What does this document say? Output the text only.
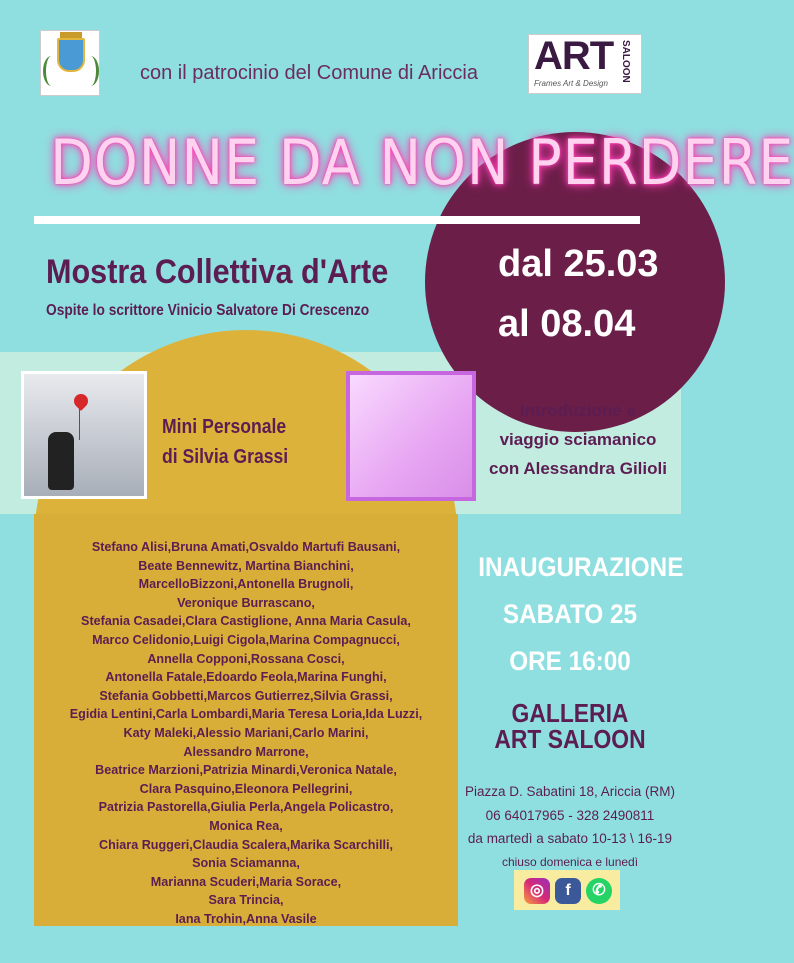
con il patrocinio del Comune di Ariccia ART SALOON
Frames Art & Design
DONNE DA NON PERDERE
Mostra Collettiva d'Arte
Ospite lo scrittore Vinicio Salvatore Di Crescenzo
dal 25.03
al 08.04
Mini Personale
di Silvia Grassi
Introduzione e
viaggio sciamanico
con Alessandra Gilioli
Stefano Alisi,Bruna Amati,Osvaldo Martufi Bausani,
Beate Bennewitz, Martina Bianchini,
MarcelloBizzoni,Antonella Brugnoli,
Veronique Burrascano,
Stefania Casadei,Clara Castiglione, Anna Maria Casula,
Marco Celidonio,Luigi Cigola,Marina Compagnucci,
Annella Copponi,Rossana Cosci,
Antonella Fatale,Edoardo Feola,Marina Funghi,
Stefania Gobbetti,Marcos Gutierrez,Silvia Grassi,
Egidia Lentini,Carla Lombardi,Maria Teresa Loria,Ida Luzzi,
Katy Maleki,Alessio Mariani,Carlo Marini,
Alessandro Marrone,
Beatrice Marzioni,Patrizia Minardi,Veronica Natale,
Clara Pasquino,Eleonora Pellegrini,
Patrizia Pastorella,Giulia Perla,Angela Policastro,
Monica Rea,
Chiara Ruggeri,Claudia Scalera,Marika Scarchilli,
Sonia Sciamanna,
Marianna Scuderi,Maria Sorace,
Sara Trincia,
Iana Trohin,Anna Vasile
INAUGURAZIONE
SABATO 25
ORE 16:00
GALLERIA
ART SALOON
Piazza D. Sabatini 18, Ariccia (RM)
06 64017965 - 328 2490811
da martedì a sabato 10-13 \ 16-19
chiuso domenica e lunedì
◎	f	✆
